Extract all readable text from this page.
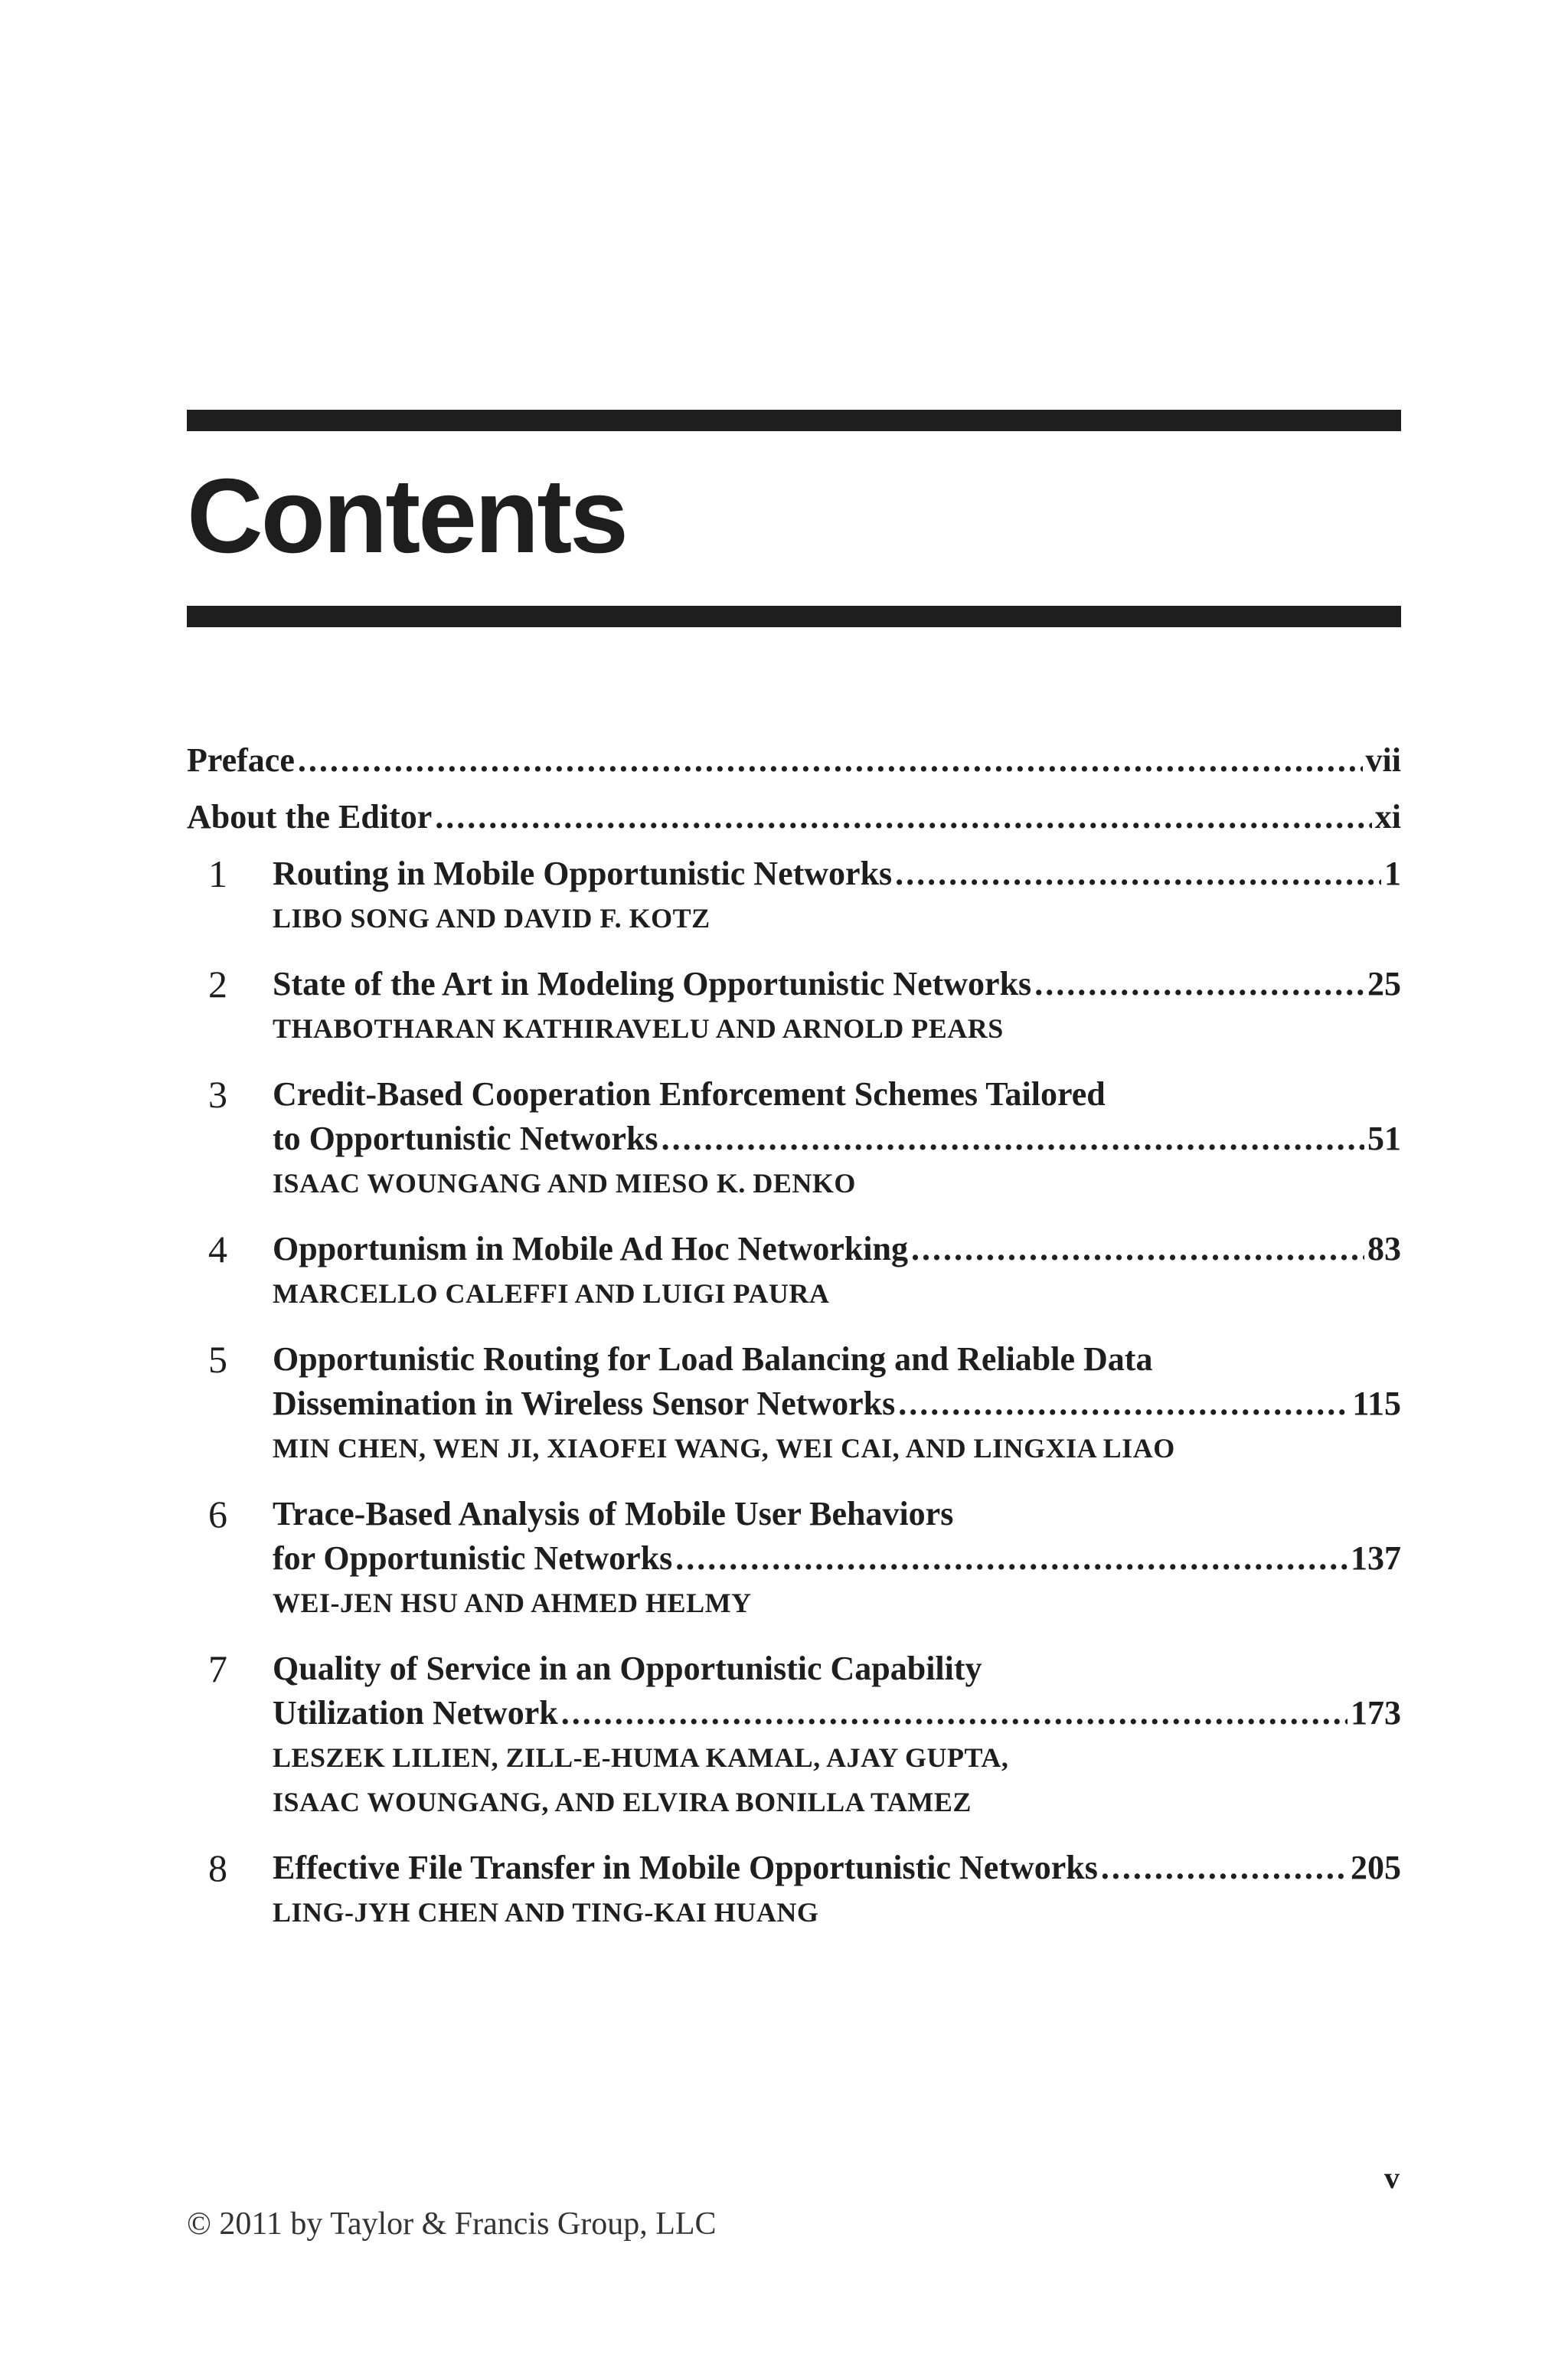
Contents
Preface .....	vii
About the Editor .....	xi
1 Routing in Mobile Opportunistic Networks .....	1
LIBO SONG AND DAVID F. KOTZ
2 State of the Art in Modeling Opportunistic Networks .....	25
THABOTHARAN KATHIRAVELU AND ARNOLD PEARS
3 Credit-Based Cooperation Enforcement Schemes Tailored
to Opportunistic Networks .....	51
ISAAC WOUNGANG AND MIESO K. DENKO
4 Opportunism in Mobile Ad Hoc Networking .....	83
MARCELLO CALEFFI AND LUIGI PAURA
5 Opportunistic Routing for Load Balancing and Reliable Data
Dissemination in Wireless Sensor Networks .....	115
MIN CHEN, WEN JI, XIAOFEI WANG, WEI CAI, AND LINGXIA LIAO
6 Trace-Based Analysis of Mobile User Behaviors
for Opportunistic Networks .....	137
WEI-JEN HSU AND AHMED HELMY
7 Quality of Service in an Opportunistic Capability
Utilization Network .....	173
LESZEK LILIEN, ZILL-E-HUMA KAMAL, AJAY GUPTA,
ISAAC WOUNGANG, AND ELVIRA BONILLA TAMEZ
8 Effective File Transfer in Mobile Opportunistic Networks .....	205
LING-JYH CHEN AND TING-KAI HUANG
v
© 2011 by Taylor & Francis Group, LLC
